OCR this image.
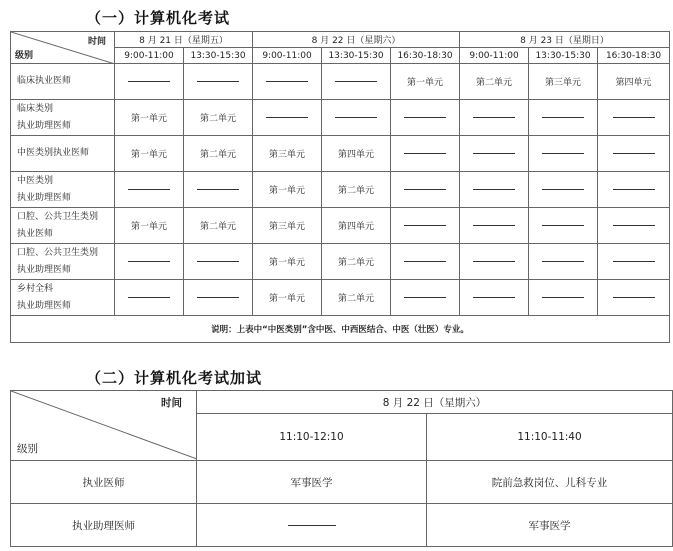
（一）计算机化考试
时间
级别	8 月 21 日（星期五）		8 月 22 日（星期六）			8 月 23 日（星期日）		
	9:00-11:00	13:30-15:30	9:00-11:00	13:30-15:30	16:30-18:30	9:00-11:00	13:30-15:30	16:30-18:30

临床执业医师					第一单元	第二单元	第三单元	第四单元

临床类别
执业助理医师	第一单元	第二单元						

中医类别执业医师	第一单元	第二单元	第三单元	第四单元				

中医类别
执业助理医师			第一单元	第二单元				

口腔、公共卫生类别
执业医师	第一单元	第二单元	第三单元	第四单元				

口腔、公共卫生类别
执业助理医师			第一单元	第二单元				

乡村全科
执业助理医师			第一单元	第二单元				
说明：上表中“中医类别”含中医、中西医结合、中医（壮医）专业。								
（二）计算机化考试加试
时间
级别	8 月 22 日（星期六）	
	11:10-12:10	11:10-11:40
执业医师	军事医学	院前急救岗位、儿科专业
执业助理医师		军事医学
